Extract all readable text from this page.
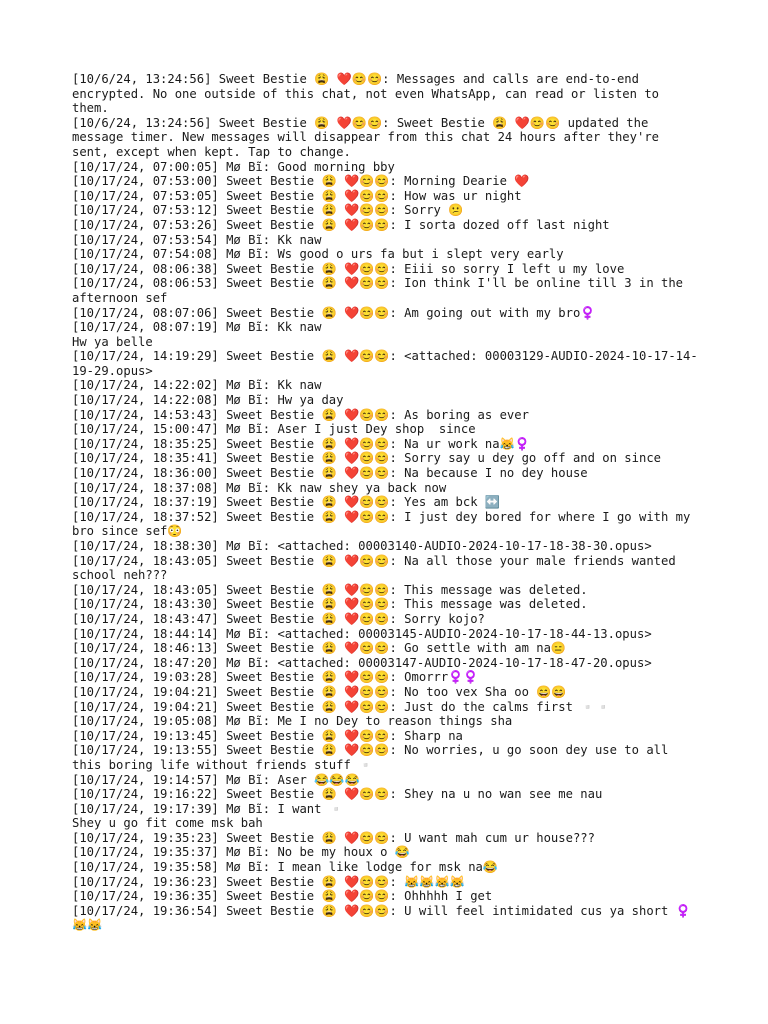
[10/6/24, 13:24:56] Sweet Bestie 😩 ❤️😊😊: Messages and calls are end-to-end encrypted. No one outside of this chat, not even WhatsApp, can read or listen to them.

[10/6/24, 13:24:56] Sweet Bestie 😩 ❤️😊😊: Sweet Bestie 😩 ❤️😊😊 updated the message timer. New messages will disappear from this chat 24 hours after they're sent, except when kept. Tap to change.

[10/17/24, 07:00:05] Mø Bĩ: Good morning bby

[10/17/24, 07:53:00] Sweet Bestie 😩 ❤️😊😊: Morning Dearie ❤️

[10/17/24, 07:53:05] Sweet Bestie 😩 ❤️😊😊: How was ur night

[10/17/24, 07:53:12] Sweet Bestie 😩 ❤️😊😊: Sorry 😕

[10/17/24, 07:53:26] Sweet Bestie 😩 ❤️😊😊: I sorta dozed off last night

[10/17/24, 07:53:54] Mø Bĩ: Kk naw

[10/17/24, 07:54:08] Mø Bĩ: Ws good o urs fa but i slept very early

[10/17/24, 08:06:38] Sweet Bestie 😩 ❤️😊😊: Eiii so sorry I left u my love

[10/17/24, 08:06:53] Sweet Bestie 😩 ❤️😊😊: Ion think I'll be online till 3 in the afternoon sef

[10/17/24, 08:07:06] Sweet Bestie 😩 ❤️😊😊: Am going out with my bro♀️

[10/17/24, 08:07:19] Mø Bĩ: Kk naw
Hw ya belle

[10/17/24, 14:19:29] Sweet Bestie 😩 ❤️😊😊: <attached: 00003129-AUDIO-2024-10-17-14-19-29.opus>

[10/17/24, 14:22:02] Mø Bĩ: Kk naw

[10/17/24, 14:22:08] Mø Bĩ: Hw ya day

[10/17/24, 14:53:43] Sweet Bestie 😩 ❤️😊😊: As boring as ever

[10/17/24, 15:00:47] Mø Bĩ: Aser I just Dey shop  since

[10/17/24, 18:35:25] Sweet Bestie 😩 ❤️😊😊: Na ur work na😹♀️

[10/17/24, 18:35:41] Sweet Bestie 😩 ❤️😊😊: Sorry say u dey go off and on since

[10/17/24, 18:36:00] Sweet Bestie 😩 ❤️😊😊: Na because I no dey house

[10/17/24, 18:37:08] Mø Bĩ: Kk naw shey ya back now

[10/17/24, 18:37:19] Sweet Bestie 😩 ❤️😊😊: Yes am bck ↔️

[10/17/24, 18:37:52] Sweet Bestie 😩 ❤️😊😊: I just dey bored for where I go with my bro since sef😳

[10/17/24, 18:38:30] Mø Bĩ: <attached: 00003140-AUDIO-2024-10-17-18-38-30.opus>

[10/17/24, 18:43:05] Sweet Bestie 😩 ❤️😊😊: Na all those your male friends wanted school neh???

[10/17/24, 18:43:05] Sweet Bestie 😩 ❤️😊😊: This message was deleted.

[10/17/24, 18:43:30] Sweet Bestie 😩 ❤️😊😊: This message was deleted.

[10/17/24, 18:43:47] Sweet Bestie 😩 ❤️😊😊: Sorry kojo?

[10/17/24, 18:44:14] Mø Bĩ: <attached: 00003145-AUDIO-2024-10-17-18-44-13.opus>

[10/17/24, 18:46:13] Sweet Bestie 😩 ❤️😊😊: Go settle with am na😑

[10/17/24, 18:47:20] Mø Bĩ: <attached: 00003147-AUDIO-2024-10-17-18-47-20.opus>

[10/17/24, 19:03:28] Sweet Bestie 😩 ❤️😊😊: Omorrr♀️♀️

[10/17/24, 19:04:21] Sweet Bestie 😩 ❤️😊😊: No too vex Sha oo 😄😄

[10/17/24, 19:04:21] Sweet Bestie 😩 ❤️😊😊: Just do the calms first ▫️▫️

[10/17/24, 19:05:08] Mø Bĩ: Me I no Dey to reason things sha

[10/17/24, 19:13:45] Sweet Bestie 😩 ❤️😊😊: Sharp na

[10/17/24, 19:13:55] Sweet Bestie 😩 ❤️😊😊: No worries, u go soon dey use to all this boring life without friends stuff ▫️

[10/17/24, 19:14:57] Mø Bĩ: Aser 😂😂😂

[10/17/24, 19:16:22] Sweet Bestie 😩 ❤️😊😊: Shey na u no wan see me nau

[10/17/24, 19:17:39] Mø Bĩ: I want ▫️
Shey u go fit come msk bah

[10/17/24, 19:35:23] Sweet Bestie 😩 ❤️😊😊: U want mah cum ur house???

[10/17/24, 19:35:37] Mø Bĩ: No be my houx o 😂

[10/17/24, 19:35:58] Mø Bĩ: I mean like lodge for msk na😂

[10/17/24, 19:36:23] Sweet Bestie 😩 ❤️😊😊: 😹😹😹😹

[10/17/24, 19:36:35] Sweet Bestie 😩 ❤️😊😊: Ohhhhh I get

[10/17/24, 19:36:54] Sweet Bestie 😩 ❤️😊😊: U will feel intimidated cus ya short ♀️😹😹
